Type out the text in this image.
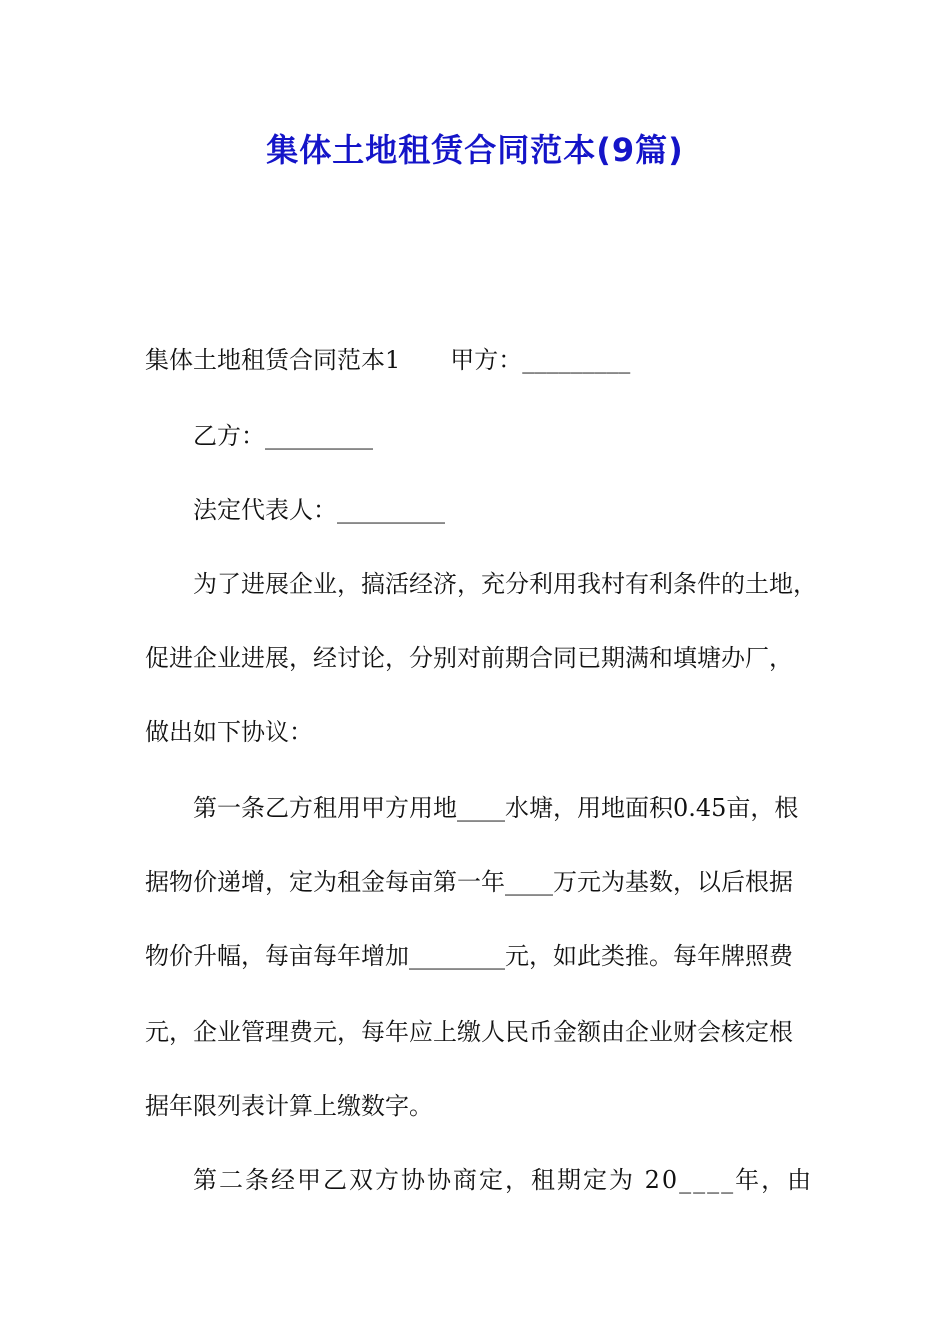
集体土地租赁合同范本(9篇)
集体土地租赁合同范本1 甲方：_________
乙方：_________
法定代表人：_________
为了进展企业，搞活经济，充分利用我村有利条件的土地，
促进企业进展，经讨论，分别对前期合同已期满和填塘办厂，
做出如下协议：
第一条乙方租用甲方用地____水塘，用地面积0.45亩，根
据物价递增，定为租金每亩第一年____万元为基数，以后根据
物价升幅，每亩每年增加________元，如此类推。每年牌照费
元，企业管理费元，每年应上缴人民币金额由企业财会核定根
据年限列表计算上缴数字。
第二条经甲乙双方协协商定，租期定为 20____年，由
